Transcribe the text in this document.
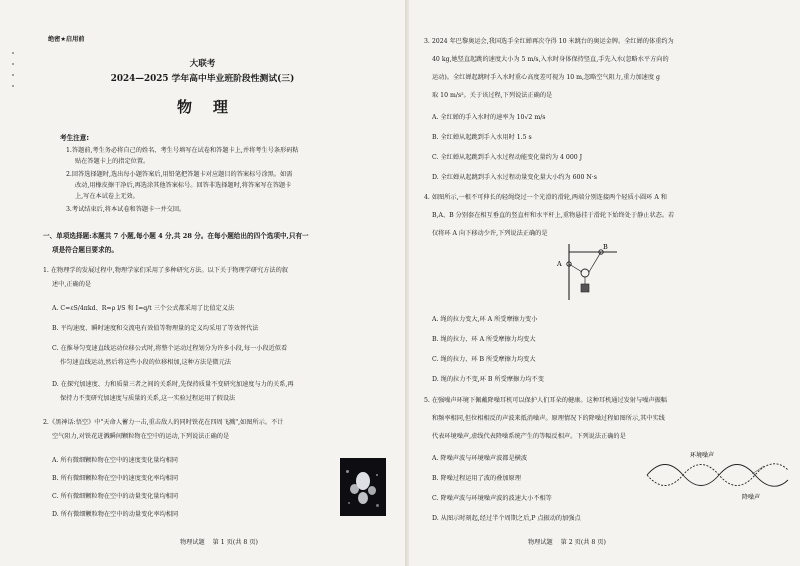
绝密★启用前
大联考
2024—2025 学年高中毕业班阶段性测试(三)
物    理
考生注意:
1.答题前,考生务必将自己的姓名、考生号填写在试卷和答题卡上,并将考生号条形码粘
贴在答题卡上的指定位置。
2.回答选择题时,选出每小题答案后,用铅笔把答题卡对应题目的答案标号涂黑。如需
改动,用橡皮擦干净后,再选涂其他答案标号。回答非选择题时,将答案写在答题卡
上,写在本试卷上无效。
3.考试结束后,将本试卷和答题卡一并交回。
一、单项选择题:本题共 7 小题,每小题 4 分,共 28 分。在每小题给出的四个选项中,只有一
项是符合题目要求的。
1. 在物理学的发展过程中,物理学家们采用了多种研究方法。以下关于物理学研究方法的叙
述中,正确的是
A. C=εS/4πkd、R=ρ l/S 和 I=q/t 三个公式都采用了比值定义法
B. 平均速度、瞬时速度和交流电有效值等物理量的定义均采用了等效替代法
C. 在推导匀变速直线运动位移公式时,将整个运动过程划分为许多小段,每一小段近似看
作匀速直线运动,然后将这些小段的位移相加,这种方法是微元法
D. 在探究加速度、力和质量三者之间的关系时,先保持质量不变研究加速度与力的关系,再
保持力不变研究加速度与质量的关系,这一实验过程运用了假设法
2.《黑神话:悟空》中"天命人蓄力一击,重击敌人的同时铁花在四周飞溅",如图所示。不计
空气阻力,对铁花迸溅瞬间颗粒物在空中的运动,下列说法正确的是
A. 所有微细颗粒物在空中的速度变化量均相同
B. 所有微细颗粒物在空中的速度变化率均相同
C. 所有微细颗粒物在空中的动量变化量均相同
D. 所有微细颗粒物在空中的动量变化率均相同
物理试题    第 1 页(共 8 页)
3. 2024 年巴黎奥运会,我国选手全红婵再次夺得 10 米跳台的奥运金牌。全红婵的体重约为
40 kg,她竖直起跳的速度大小为 5 m/s,入水时身体保持竖直,手先入水(忽略水平方向的
运动)。全红婵起跳时手入水时重心高度差可视为 10 m,忽略空气阻力,重力加速度 g
取 10 m/s²。关于该过程,下列说法正确的是
A. 全红婵的手入水时的速率为 10√2 m/s
B. 全红婵从起跳到手入水用时 1.5 s
C. 全红婵从起跳到手入水过程动能变化量约为 4 000 J
D. 全红婵从起跳到手入水过程动量变化量大小约为 600 N·s
4. 如图所示,一根不可伸长的轻绳绕过一个光滑的滑轮,两端分别连接两个轻质小圆环 A 和
B,A、B 分别套在相互垂直的竖直杆和水平杆上,重物悬挂于滑轮下始终处于静止状态。若
仅将环 A 向下移动少许,下列说法正确的是
A
B
A. 绳的拉力变大,环 A 所受摩擦力变小
B. 绳的拉力、环 A 所受摩擦力均变大
C. 绳的拉力、环 B 所受摩擦力均变大
D. 绳的拉力不变,环 B 所受摩擦力均不变
5. 在强噪声环境下佩戴降噪耳机可以保护人们耳朵的健康。这种耳机通过发射与噪声振幅
和频率相同,但位相相反的声波来抵消噪声。原理情况下的降噪过程如图所示,其中实线
代表环境噪声,虚线代表降噪系统产生的等幅反相声。下列说法正确的是
A. 降噪声波与环境噪声波都是横波
B. 降噪过程运用了波的叠加原理
C. 降噪声波与环境噪声波的波速大小不相等
D. 从图示时刻起,经过半个周期之后,P 点振动的加强点
环境噪声
降噪声
物理试题    第 2 页(共 8 页)
